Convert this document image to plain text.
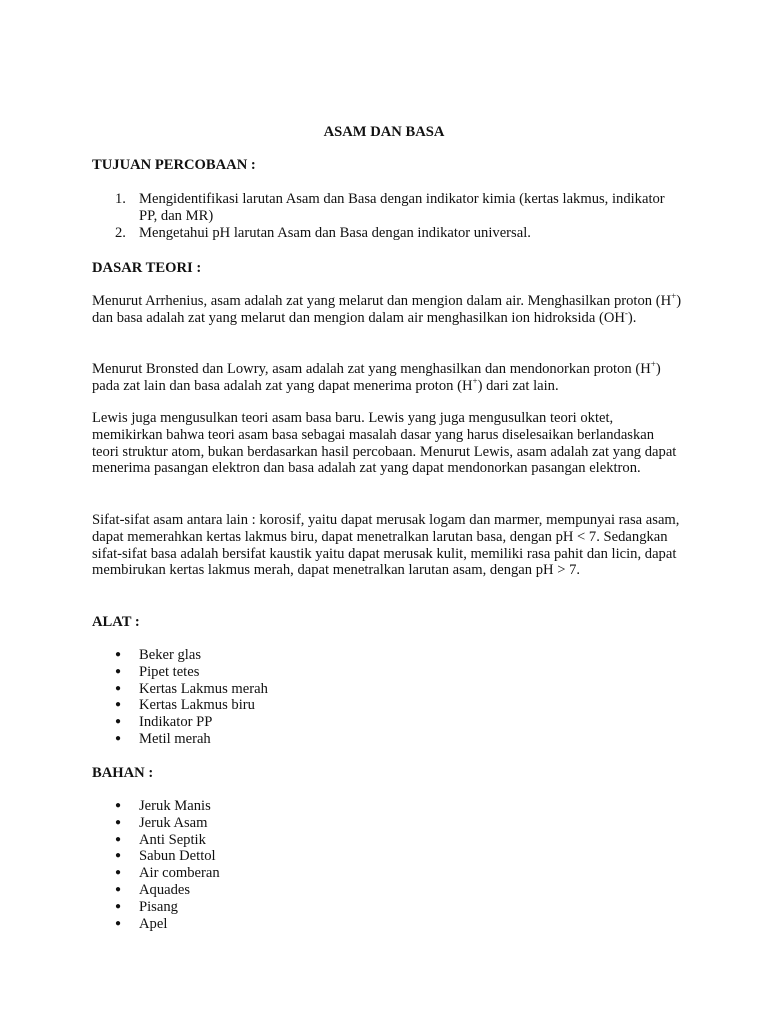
ASAM DAN BASA
TUJUAN PERCOBAAN :
1. Mengidentifikasi larutan Asam dan Basa dengan indikator kimia (kertas lakmus, indikator PP, dan MR)
2. Mengetahui pH larutan Asam dan Basa dengan indikator universal.
DASAR TEORI :

Menurut Arrhenius, asam adalah zat yang melarut dan mengion dalam air. Menghasilkan proton (H+) dan basa adalah zat yang melarut dan mengion dalam air menghasilkan ion hidroksida (OH-).

Menurut Bronsted dan Lowry, asam adalah zat yang menghasilkan dan mendonorkan proton (H+) pada zat lain dan basa adalah zat yang dapat menerima proton (H+) dari zat lain.

Lewis juga mengusulkan teori asam basa baru. Lewis yang juga mengusulkan teori oktet, memikirkan bahwa teori asam basa sebagai masalah dasar yang harus diselesaikan berlandaskan teori struktur atom, bukan berdasarkan hasil percobaan. Menurut Lewis, asam adalah zat yang dapat menerima pasangan elektron dan basa adalah zat yang dapat mendonorkan pasangan elektron.

Sifat-sifat asam antara lain : korosif, yaitu dapat merusak logam dan marmer, mempunyai rasa asam, dapat memerahkan kertas lakmus biru, dapat menetralkan larutan basa, dengan pH < 7. Sedangkan sifat-sifat basa adalah bersifat kaustik yaitu dapat merusak kulit, memiliki rasa pahit dan licin, dapat membirukan kertas lakmus merah, dapat menetralkan larutan asam, dengan pH > 7.

ALAT :
● Beker glas
● Pipet tetes
● Kertas Lakmus merah
● Kertas Lakmus biru
● Indikator PP
● Metil merah
BAHAN :
● Jeruk Manis
● Jeruk Asam
● Anti Septik
● Sabun Dettol
● Air comberan
● Aquades
● Pisang
● Apel
